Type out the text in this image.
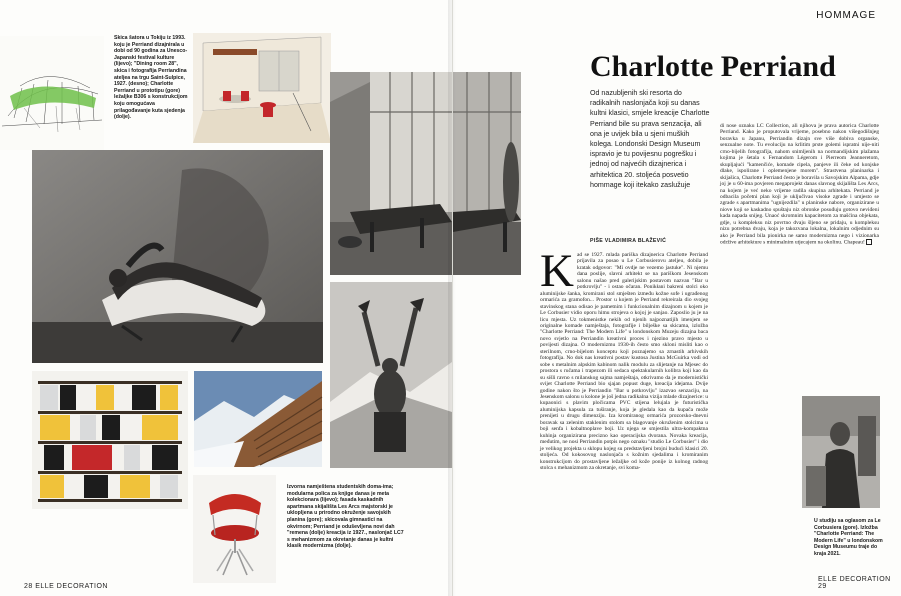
Skica šatora u Tokiju iz 1993. koju je Perriand dizajnirala u dobi od 90 godina za Unesco-Japanski festival kulture (lijevo); "Dining room 28", skica i fotografija Perriandina ateljea na trgu Saint-Sulpice, 1927. (desno); Charlotte Perriand u prototipu (gore) ležaljke B306 s konstrukcijom koju omogućava prilagođavanje kuta sjedenja (dolje).

Izvorna namještena studentskih doma-ima; modularna polica za knjige danas je meta kolekcionara (lijevo); fasada kaskadnih apartmana skijališta Les Arcs majstorski je uklopljena u prirodno okruženje savojskih planina (gore); skicovala gimnastici na okvirnom; Perriand je oduševljena novi dah "remena (dolje) kreacija iz 1927., naslonjač LC7 s mehanizmom za okretanje danas je kultni klasik modernizma (dolje).

28 ELLE DECORATION
HOMMAGE
Charlotte Perriand

Od nazubljenih ski resorta do radikalnih naslonjača koji su danas kultni klasici, smjele kreacije Charlotte Perriand bile su prava senzacija, ali ona je uvijek bila u sjeni muških kolega. Londonski Design Museum ispravio je tu povijesnu pogrešku i jednoj od najvećih dizajnerica i arhitektica 20. stoljeća posvetio hommage koji itekako zaslužuje

PIŠE VLADIMIRA BLAŽEVIĆ
Kad se 1927. mlada pariška dizajnerica Charlotte Perriand prijavila za posao u Le Corbusierovu ateljeu, dobila je kratak odgovor: "Mi ovdje ne vezemo jastuke". Ni njemu dana poslije, slavni arhitekt se na pariškom Jesenskom salonu našao pred galerijskim postavom nazvan "Bar u potkrovlju" - i ostao očaran. Ponikłani bakreni stolci oko aluminijske šanka, kromirani stol smješten između kožne sofe i ugrađenog ormarića za gramofon... Prostor u kojem je Perriand rekreirala dio svojeg stavinskog stana odisao je pametnim i funkcionalnim dizajnom u kojem je Le Corbusier vidio oporu himu strojeva o kojoj je sanjao. Zaposlio ju je na licu mjesta. Uz tokmenistke nekih od njenih najpoznatijih imenjem se originalne komade namještaja, fotografije i bilješke sa skicama, izložba "Charlotte Perriand: The Modern Life" u londonskom Muzeju dizajna baca novo svjetlo na Perriandin kreativni proces i njezino pravo mjesto u povijesti dizajna. O modernizmu 1930-ih često smo skloni misliti kao o sterilnom, crno-bijelom konceptu koji poznajemo sa zrnastih arhivskih fotografija. No dok nas kreativni postav kustosa Justina McGuirka vodi od sobe s metalnim alpskim kabinom nalik modulu za slijetanje na Mjesec do prostora s ručama i trapezom ili sedaca spektakularnih kolibra koji kao da su sišli ravno s milanskog sajma namještaja, otkrivamo da je modernistički svijet Charlotte Perriand bio sjajan popust duge, kreacija idejama. Dvije godine nakon što je Perriandin "Bar u potkrovlju" izazvao senzaciju, na Jesenskom salonu u kolone je još jedna radikalna vizija mlade dizajnerice: u kupaonici s plavim pločicama PVC stijena lelujala je futuristička aluminijska kapsula za tuširanje, koja je gledala kao da kupača može prenijeti u drugu dimenziju. Iza kromiranog ormarića prozorsko-dnevni boravak sa zelenim staklenim stolom sa blagovanje okruženim stolcima u boji senfa i kobaltnoplave boji. Uz njega se smjestila ultra-kompaktna kuhinja organizirana precizno kao operacijska dvorana. Novaka kreacija, međutim, ne nosi Perriandin potpis nego oznaku "studio Le Corbusier" i dio je velikog projekta u sklopu kojeg su predstavljeni brojni budući klasici 20. stoljeća. Od kokosovog naslonjača s kožnim sjedalima i kromiranim konstrukcijom do prostavljene ležaljke od kože ponije iz kolnog radnog stolca s mehanizmom za okretanje, svi koma-
di nose oznaku LC Collection, ali njihova je prava autorica Charlotte Perriand. Kako je proputovala vrijeme, posebno nakon višegodišnjeg boravka u Japanu, Perriandin dizajn sve više dobiva organske, senzualne note. Tu evoluciju na krlitim prste golemi ispratni nije-niti crno-bijelih fotografija, nahom snimljenih na normandijskim plažama kojima je šetala s Fernandom Légerom i Pierreom Jeanneretom, skupljajući "kamenčiće, komade cipela, panjeve ili čeke od konjske dlake, ispolirane i oplemenjene morem". Strastvena planinarka i skijašica, Charlotte Perriand često je boravila u Savojskim Alpama, gdje joj je u 60-ima povjeren megaprojekt danas slavnog skijališta Les Arcs, na kojem je već neko vrijeme radila skupina arhitekata. Perriand je odbacila početni plan koji je uključivao visoke zgrade i umjesto se zgrade s apartmanima "ugnijezdila" u planinske nabore, organizirane u niove koji se kaskadno spuštaju niz obronke posuđuju gotovo neviđeni kada napada snijeg. Unaoć skromnim kapacitetom za mašćina objekata, gdje, u kompleksu niz povrtno dvaju šljeno se pridaju, u kompleksu nizu potrebna dvaju, koja je takozvana lokalna, lokalnim odjednim su ako je Perriand bila pionirka ne samo modernizma nego i vizionarka održive arhitekture s minimalnim utjecajem na okolinu. Chapeau!

U studiju sa oglasom za Le Corbusiera (gore). Izložba "Charlotte Perriand: The Modern Life" u londonskom Design Museumu traje do kraja 2021.

ELLE DECORATION 29
